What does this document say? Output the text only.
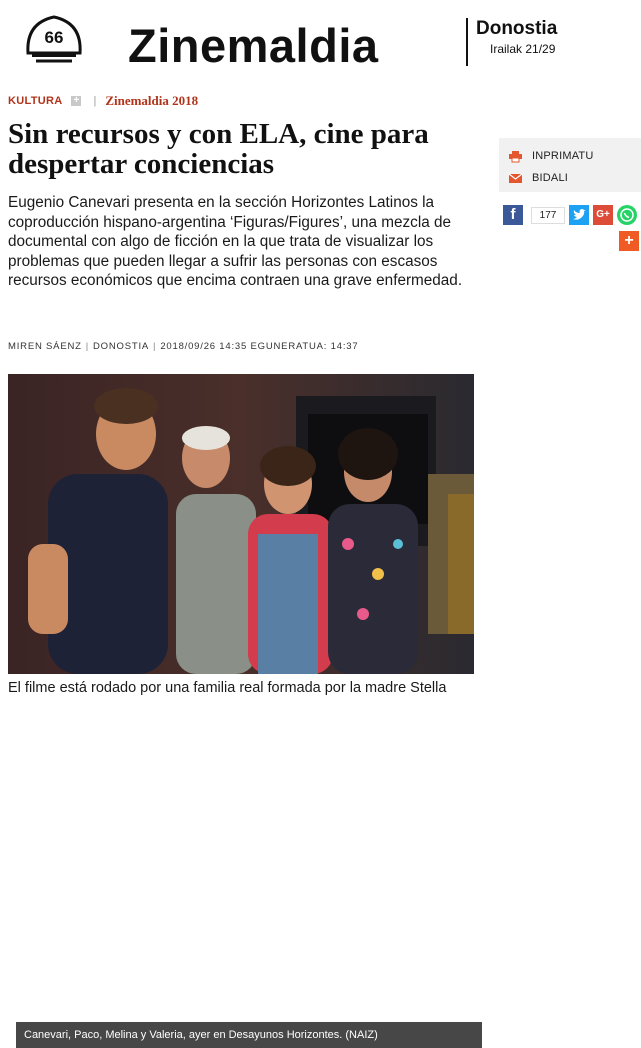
66	Zinemaldia	Donostia
Irailak 21/29
KULTURA + | Zinemaldia 2018
Sin recursos y con ELA, cine para despertar conciencias

Eugenio Canevari presenta en la sección Horizontes Latinos la coproducción hispano-argentina ‘Figuras/Figures’, una mezcla de documental con algo de ficción en la que trata de visualizar los problemas que pueden llegar a sufrir las personas con escasos recursos económicos que encima contraen una grave enfermedad.

MIREN SÁENZ | DONOSTIA | 2018/09/26 14:35 EGUNERATUA: 14:37
Canevari, Paco, Melina y Valeria, ayer en Desayunos Horizontes. (NAIZ)
El filme está rodado por una familia real formada por la madre Stella
INPRIMATU
BIDALI
f	177	G+
+
